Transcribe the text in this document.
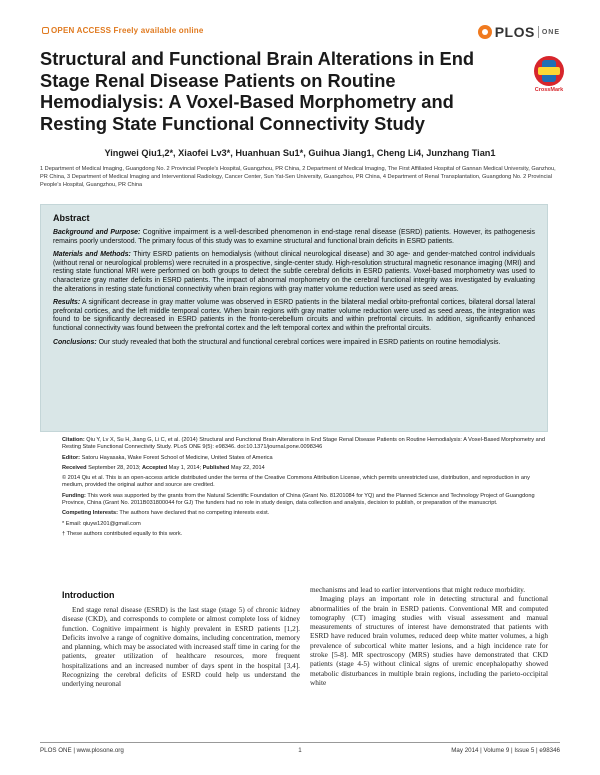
OPEN ACCESS Freely available online	PLOS ONE
Structural and Functional Brain Alterations in End Stage Renal Disease Patients on Routine Hemodialysis: A Voxel-Based Morphometry and Resting State Functional Connectivity Study
CrossMark
Yingwei Qiu1,2*, Xiaofei Lv3*, Huanhuan Su1*, Guihua Jiang1, Cheng Li4, Junzhang Tian1

1 Department of Medical Imaging, Guangdong No. 2 Provincial People's Hospital, Guangzhou, PR China, 2 Department of Medical Imaging, The First Affiliated Hospital of Gannan Medical University, Ganzhou, PR China, 3 Department of Medical Imaging and Interventional Radiology, Cancer Center, Sun Yat-Sen University, Guangzhou, PR China, 4 Department of Renal Transplantation, Guangdong No. 2 Provincial People's Hospital, Guangzhou, PR China

Abstract

Background and Purpose: Cognitive impairment is a well-described phenomenon in end-stage renal disease (ESRD) patients. However, its pathogenesis remains poorly understood. The primary focus of this study was to examine structural and functional brain deficits in ESRD patients.

Materials and Methods: Thirty ESRD patients on hemodialysis (without clinical neurological disease) and 30 age- and gender-matched control individuals (without renal or neurological problems) were recruited in a prospective, single-center study. High-resolution structural magnetic resonance imaging (MRI) and resting state functional MRI were performed on both groups to detect the subtle cerebral deficits in ESRD patients. Voxel-based morphometry was used to characterize gray matter deficits in ESRD patients. The impact of abnormal morphometry on the cerebral functional integrity was investigated by evaluating the alterations in resting state functional connectivity when brain regions with gray matter volume reduction were used as seed areas.

Results: A significant decrease in gray matter volume was observed in ESRD patients in the bilateral medial orbito-prefrontal cortices, bilateral dorsal lateral prefrontal cortices, and the left middle temporal cortex. When brain regions with gray matter volume reduction were used as seed areas, the integration was found to be significantly decreased in ESRD patients in the fronto-cerebellum circuits and within prefrontal circuits. In addition, significantly enhanced functional connectivity was found between the prefrontal cortex and the left temporal cortex and within the prefrontal circuits.

Conclusions: Our study revealed that both the structural and functional cerebral cortices were impaired in ESRD patients on routine hemodialysis.

Citation: Qiu Y, Lv X, Su H, Jiang G, Li C, et al. (2014) Structural and Functional Brain Alterations in End Stage Renal Disease Patients on Routine Hemodialysis: A Voxel-Based Morphometry and Resting State Functional Connectivity Study. PLoS ONE 9(5): e98346. doi:10.1371/journal.pone.0098346

Editor: Satoru Hayasaka, Wake Forest School of Medicine, United States of America

Received September 28, 2013; Accepted May 1, 2014; Published May 22, 2014

© 2014 Qiu et al. This is an open-access article distributed under the terms of the Creative Commons Attribution License, which permits unrestricted use, distribution, and reproduction in any medium, provided the original author and source are credited.

Funding: This work was supported by the grants from the Natural Scientific Foundation of China (Grant No. 81201084 for YQ) and the Planned Science and Technology Project of Guangdong Province, China (Grant No. 2011B031800044 for GJ) The funders had no role in study design, data collection and analysis, decision to publish, or preparation of the manuscript.

Competing Interests: The authors have declared that no competing interests exist.

* Email: qiuyw1201@gmail.com

† These authors contributed equally to this work.

Introduction

End stage renal disease (ESRD) is the last stage (stage 5) of chronic kidney disease (CKD), and corresponds to complete or almost complete loss of kidney function. Cognitive impairment is highly prevalent in ESRD patients [1,2]. Deficits involve a range of cognitive domains, including concentration, memory and planning, which may be associated with increased staff time in caring for the patients, greater utilization of healthcare resources, more frequent hospitalizations and an increased number of days spent in the hospital [3,4]. Recognizing the cerebral deficits of ESRD could help us understand the underlying neuronal

mechanisms and lead to earlier interventions that might reduce morbidity.

Imaging plays an important role in detecting structural and functional abnormalities of the brain in ESRD patients. Conventional MR and computed tomography (CT) imaging studies with visual assessment and manual measurements of structures of interest have demonstrated that patients with ESRD have reduced brain volumes, reduced deep white matter volumes, a high prevalence of subcortical white matter lesions, and a high incidence rate for stroke [5-8]. MR spectroscopy (MRS) studies have demonstrated that CKD patients (stage 4-5) without clinical signs of uremic encephalopathy showed metabolic disturbances in multiple brain regions, including the parieto-occipital white

PLOS ONE | www.plosone.org	1	May 2014 | Volume 9 | Issue 5 | e98346
